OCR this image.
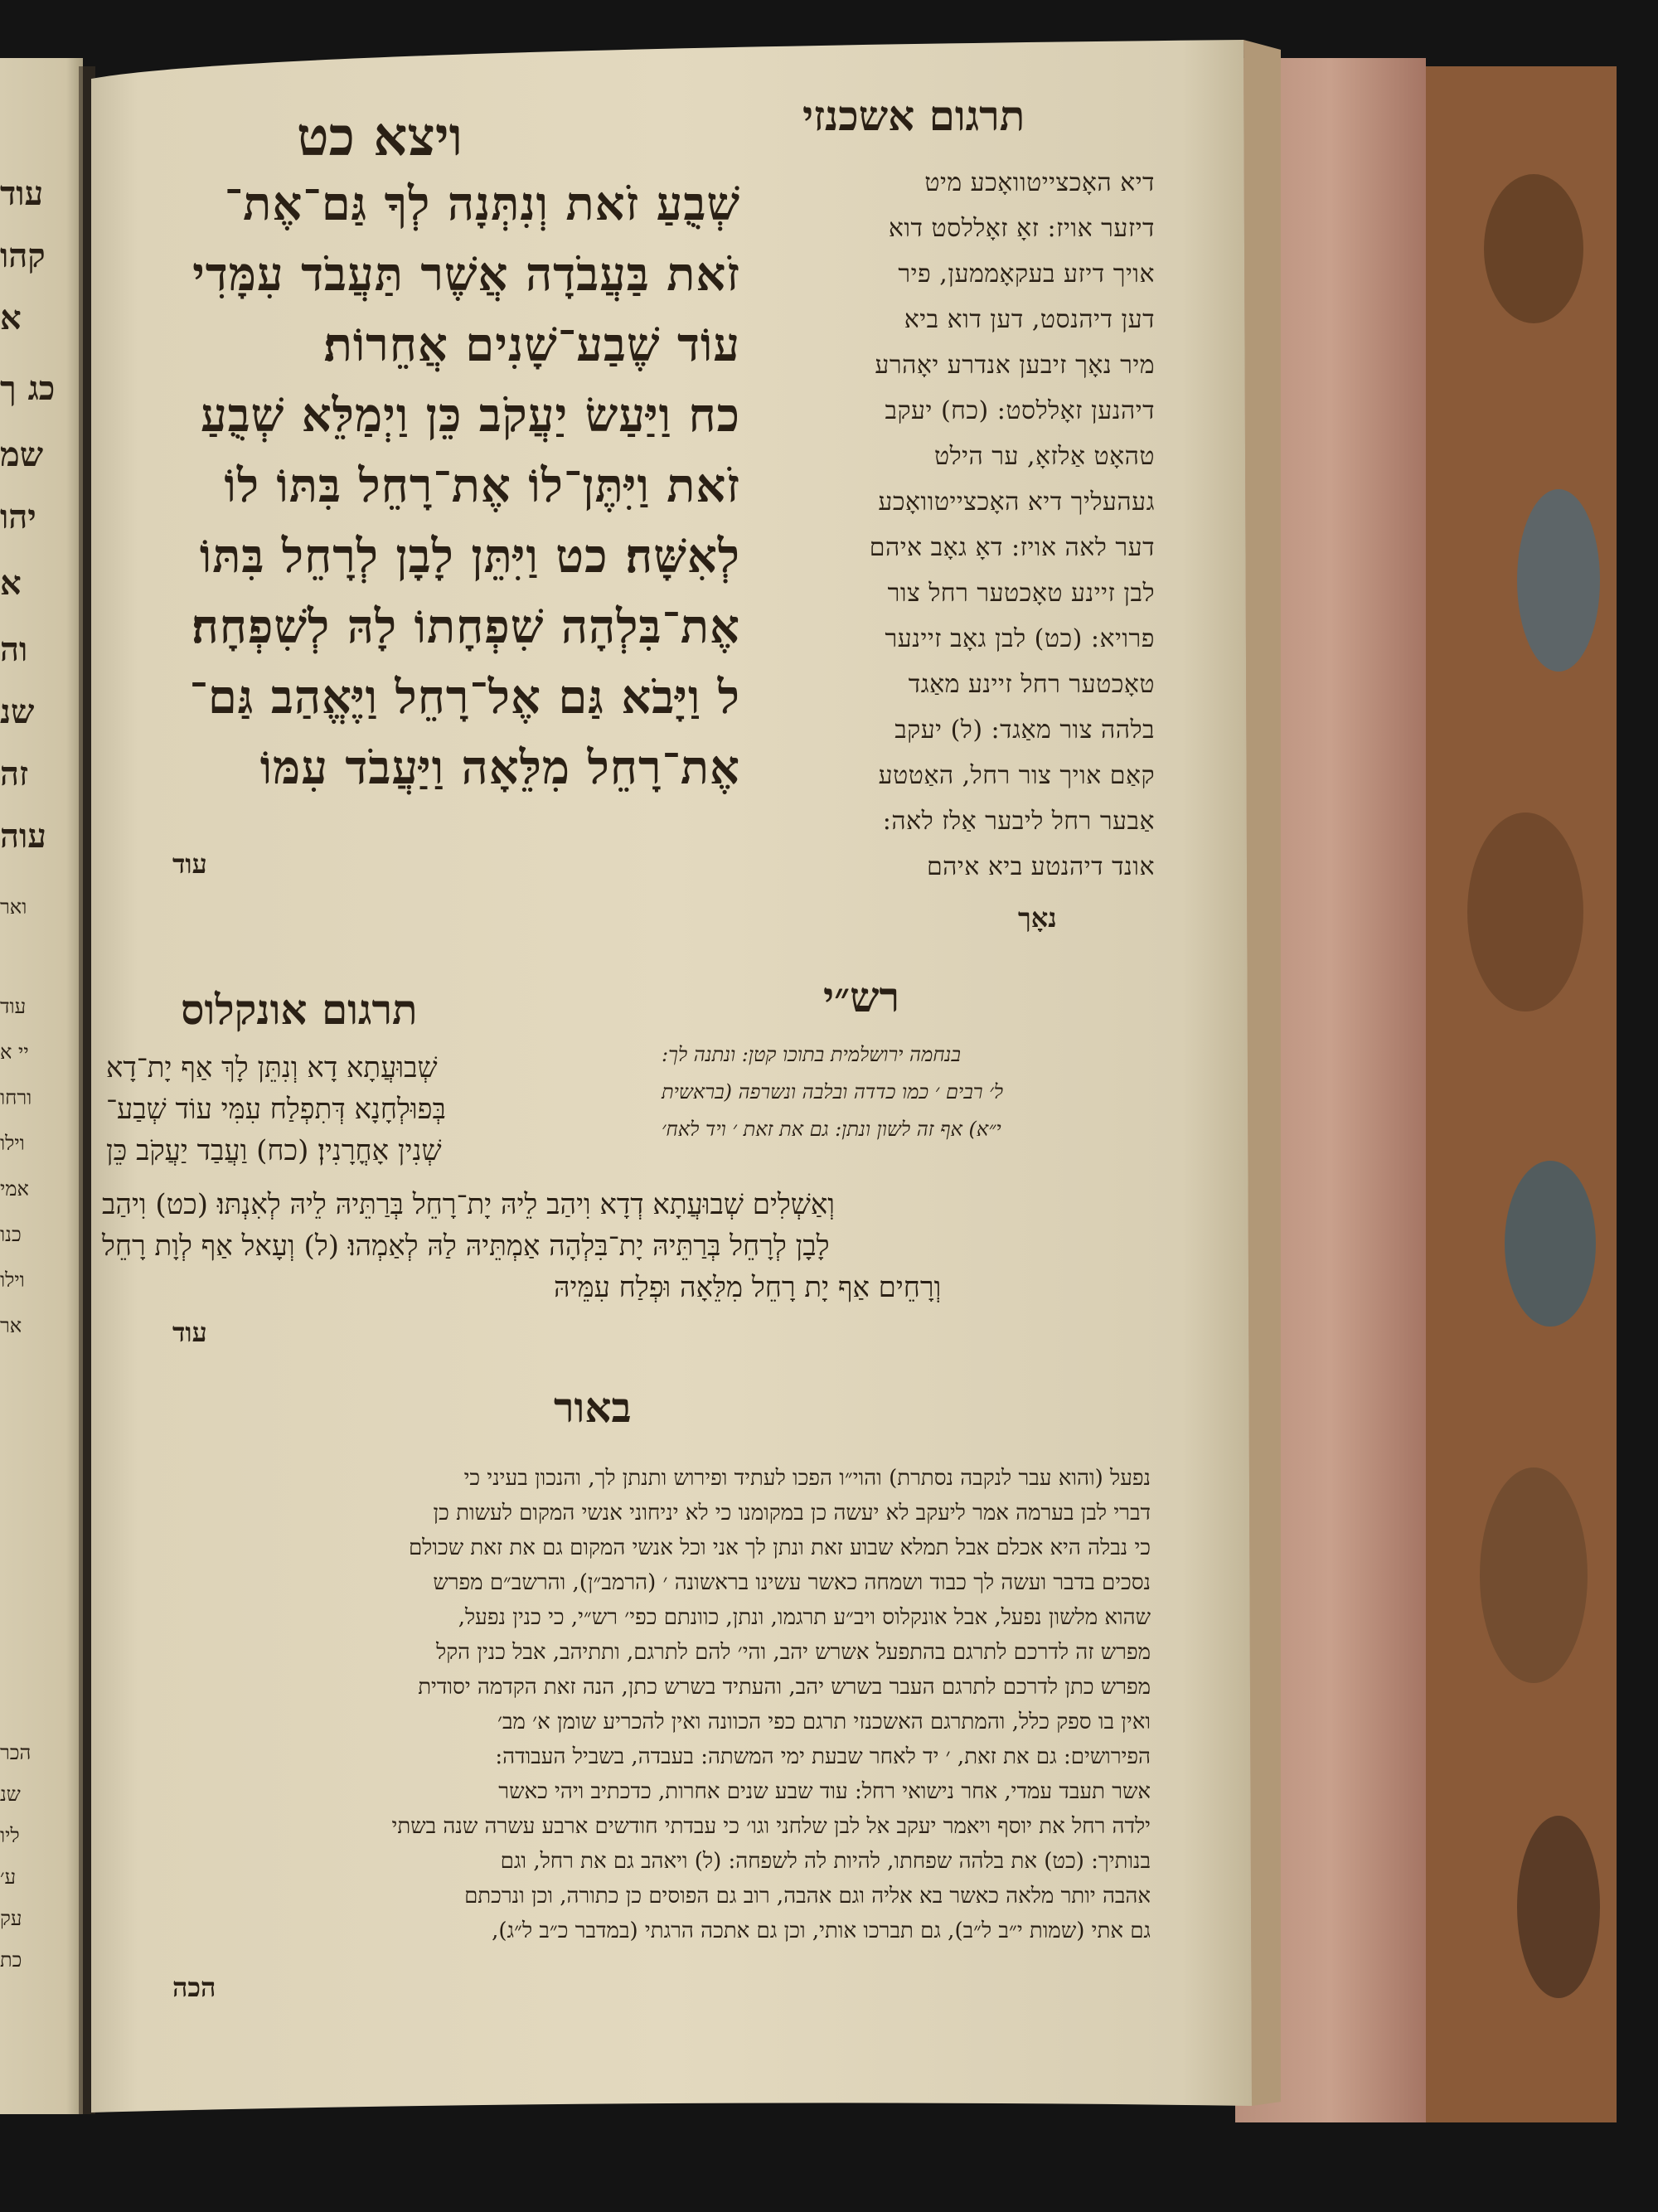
עוד
קהו
א
כג ך
שמ
יהו
א
וה
שנ
זה
עוה
ואר
עוד
יי א
ורחו
וילו
אמי
כנו
וילו
אר
הכר
שנ
ליו
ע׳
עק
כת
ויצא כט	תרגום אשכנזי
שְׁבֻעַ זֹאת וְנִתְּנָה לְךָ גַּם־אֶת־
זֹאת בַּעֲבֹדָה אֲשֶׁר תַּעֲבֹד עִמָּדִי
עוֹד שֶׁבַע־שָׁנִים אֲחֵרוֹת׃
כח וַיַּעַשׂ יַעֲקֹב כֵּן וַיְמַלֵּא שְׁבֻעַ
זֹאת וַיִּתֶּן־לוֹ אֶת־רָחֵל בִּתּוֹ לוֹ
לְאִשָּׁה׃ כט וַיִּתֵּן לָבָן לְרָחֵל בִּתּוֹ
אֶת־בִּלְהָה שִׁפְחָתוֹ לָהּ לְשִׁפְחָה׃
ל וַיָּבֹא גַּם אֶל־רָחֵל וַיֶּאֱהַב גַּם־
אֶת־רָחֵל מִלֵּאָה וַיַּעֲבֹד עִמּוֹ
עוד
דיא האָכצייטוואָכע מיט
דיזער אויז: זאָ זאָללסט דוא
אויך דיזע בעקאָממען, פיר
דען דיהנסט, דען דוא ביא
מיר נאָך זיבען אנדרע יאָהרע
דיהנען זאָללסט: (כח) יעקב
טהאָט אַלזאָ, ער הילט
געהעליך דיא האָכצייטוואָכע
דער לאה אויז: דאָ גאָב איהם
לבן זיינע טאָכטער רחל צור
פרויא: (כט) לבן גאָב זיינער
טאָכטער רחל זיינע מאַגד
בלהה צור מאַגד: (ל) יעקב
קאַם אויך צור רחל, האַטטע
אַבער רחל ליבער אַלז לאה:
אונד דיהנטע ביא איהם
נאָך
תרגום אונקלוס	רש״י
שְׁבוּעֲתָא דָא וְנִתֵּן לָךְ אַף יָת־דָא
בְּפוּלְחָנָא דְּתִפְלַח עִמִּי עוֹד שְׁבַע־
שְׁנִין אָחֳרָנִין׃ (כח) וַעֲבַד יַעֲקֹב כֵּן
וְאַשְׁלִים שְׁבוּעֲתָא דְדָא וִיהַב לֵיהּ יָת־רָחֵל בְּרַתֵּיהּ לֵיהּ לְאִנְתּוּ׃ (כט) וִיהַב
לָבָן לְרָחֵל בְּרַתֵּיהּ יָת־בִּלְהָה אַמְתֵּיהּ לַהּ לְאַמְהוּ׃ (ל) וְעָאל אַף לְוָת רָחֵל
וְרָחֵים אַף יָת רָחֵל מִלֵּאָה וּפְלַח עִמֵּיהּ
עוד
בנחמה ירושלמית בתוכו קטן: ונתנה לך:
ל׳ רבים ׳ כמו כדדה ובלבה ונשרפה (בראשית
י״א) אף זה לשון ונתן: גם את זאת ׳ ויד לאח׳
באור
נפעל (והוא עבר לנקבה נסתרת) והוי״ו הפכו לעתיד ופירוש ותנתן לך, והנכון בעיני כי
דברי לבן בערמה אמר ליעקב לא יעשה כן במקומנו כי לא יניחוני אנשי המקום לעשות כן
כי נבלה היא אכלם אבל תמלא שבוע זאת ונתן לך אני וכל אנשי המקום גם את זאת שכולם
נסכים בדבר ועשה לך כבוד ושמחה כאשר עשינו בראשונה ׳ (הרמב״ן), והרשב״ם מפרש
שהוא מלשון נפעל, אבל אונקלוס ויב״ע תרגמו, ונתן, כוונתם כפי׳ רש״י, כי כנין נפעל,
מפרש זה לדרכם לתרגם בהתפעל אשרש יהב, והי׳ להם לתרגם, ותתיהב, אבל כנין הקל
מפרש כתן לדרכם לתרגם העבר בשרש יהב, והעתיד בשרש כתן, הנה זאת הקדמה יסודית
ואין בו ספק כלל, והמתרגם האשכנזי תרגם כפי הכוונה ואין להכריע שומן א׳ מב׳
הפירושים: גם את זאת, ׳ יד לאחר שבעת ימי המשתה: בעבדה, בשביל העבודה:
אשר תעבד עמדי, אחר נישואי רחל: עוד שבע שנים אחרות, כדכתיב ויהי כאשר
ילדה רחל את יוסף ויאמר יעקב אל לבן שלחני וגו׳ כי עבדתי חודשים ארבע עשרה שנה בשתי
בנותיך: (כט) את בלהה שפחתו, להיות לה לשפחה: (ל) ויאהב גם את רחל, וגם
אהבה יותר מלאה כאשר בא אליה וגם אהבה, רוב גם הפוסים כן כתורה, וכן ונרכתם
גם אתי (שמות י״ב ל״ב), גם תברכו אותי, וכן גם אתכה הרגתי (במדבר כ״ב ל״ג),
הכה
